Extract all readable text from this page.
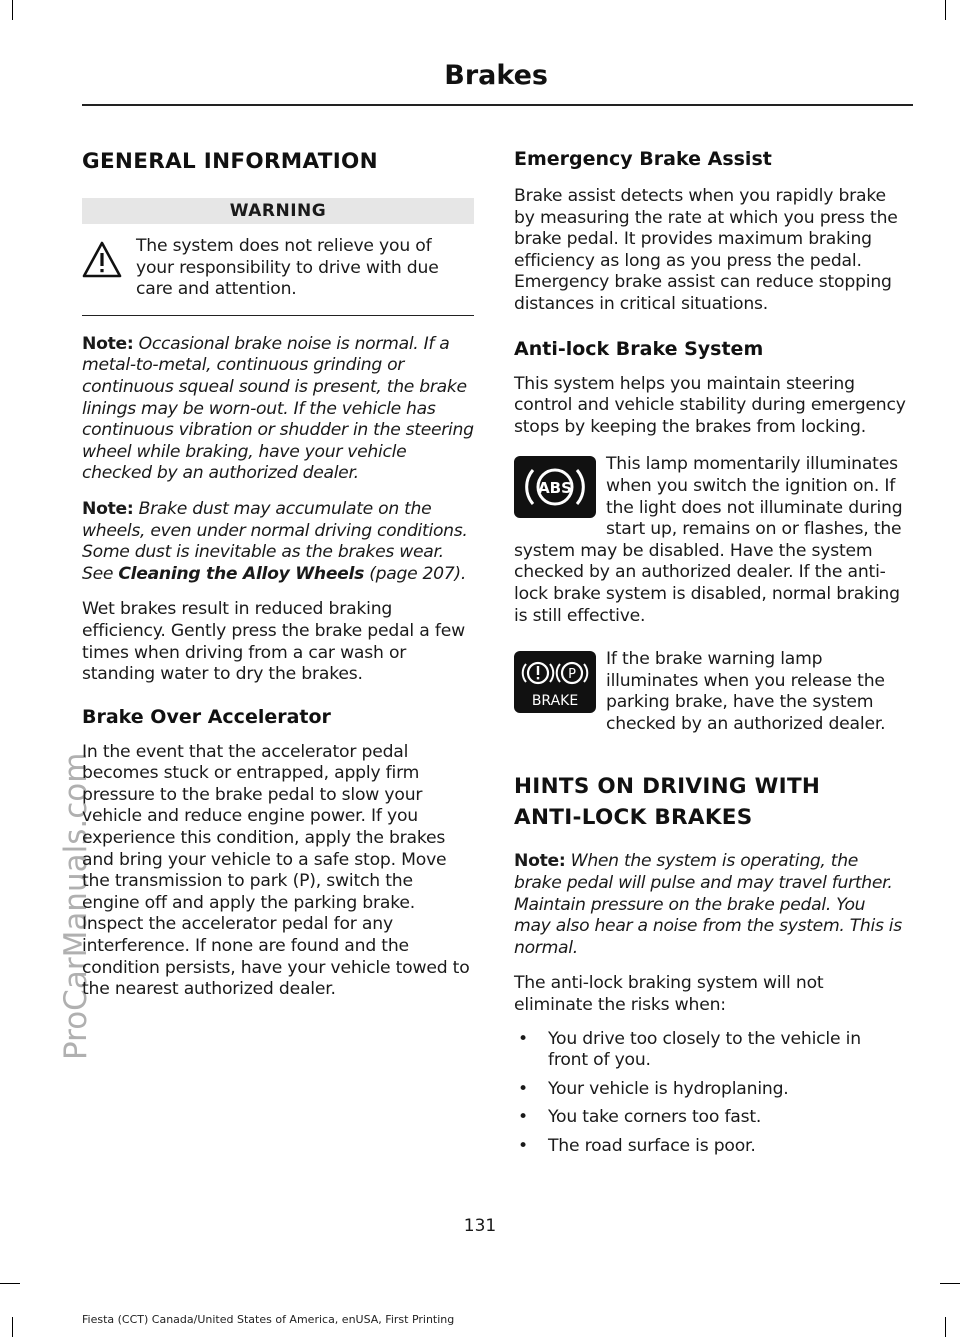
ProCarManuals.com
Brakes
GENERAL INFORMATION
WARNING

The system does not relieve you of your responsibility to drive with due care and attention.

Note: Occasional brake noise is normal. If a metal-to-metal, continuous grinding or continuous squeal sound is present, the brake linings may be worn-out. If the vehicle has continuous vibration or shudder in the steering wheel while braking, have your vehicle checked by an authorized dealer.

Note: Brake dust may accumulate on the wheels, even under normal driving conditions. Some dust is inevitable as the brakes wear. See Cleaning the Alloy Wheels (page 207).

Wet brakes result in reduced braking efficiency. Gently press the brake pedal a few times when driving from a car wash or standing water to dry the brakes.

Brake Over Accelerator

In the event that the accelerator pedal becomes stuck or entrapped, apply firm pressure to the brake pedal to slow your vehicle and reduce engine power. If you experience this condition, apply the brakes and bring your vehicle to a safe stop. Move the transmission to park (P), switch the engine off and apply the parking brake. Inspect the accelerator pedal for any interference. If none are found and the condition persists, have your vehicle towed to the nearest authorized dealer.

Emergency Brake Assist

Brake assist detects when you rapidly brake by measuring the rate at which you press the brake pedal. It provides maximum braking efficiency as long as you press the pedal. Emergency brake assist can reduce stopping distances in critical situations.

Anti-lock Brake System

This system helps you maintain steering control and vehicle stability during emergency stops by keeping the brakes from locking.

ABS

This lamp momentarily illuminates when you switch the ignition on. If the light does not illuminate during start up, remains on or flashes, the system may be disabled. Have the system checked by an authorized dealer. If the anti-lock brake system is disabled, normal braking is still effective.

P
BRAKE

If the brake warning lamp illuminates when you release the parking brake, have the system checked by an authorized dealer.

HINTS ON DRIVING WITH
ANTI-LOCK BRAKES

Note: When the system is operating, the brake pedal will pulse and may travel further. Maintain pressure on the brake pedal. You may also hear a noise from the system. This is normal.

The anti-lock braking system will not eliminate the risks when:

• You drive too closely to the vehicle in front of you.
• Your vehicle is hydroplaning.
• You take corners too fast.
• The road surface is poor.
131
Fiesta (CCT) Canada/United States of America, enUSA, First Printing
